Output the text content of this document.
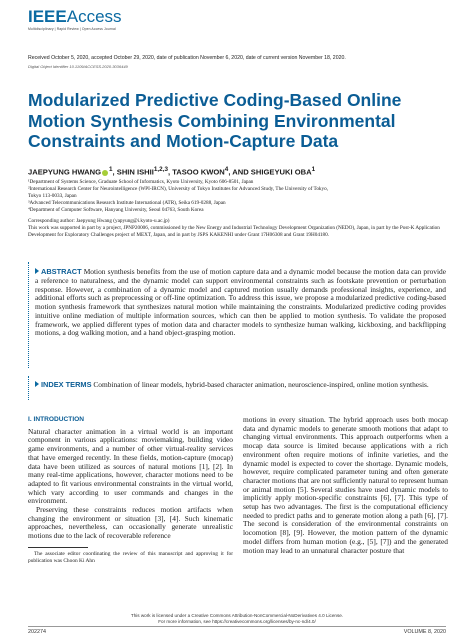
IEEEAccess
Multidisciplinary | Rapid Review | Open Access Journal
Received October 5, 2020, accepted October 29, 2020, date of publication November 6, 2020, date of current version November 18, 2020.
Digital Object Identifier 10.1109/ACCESS.2020.3036449
Modularized Predictive Coding-Based Online Motion Synthesis Combining Environmental Constraints and Motion-Capture Data
JAEPYUNG HWANG $^1$, SHIN ISHII$^{1,2,3}$, TASOO KWON$^4$, AND SHIGEYUKI OBA$^1$
¹Department of Systems Science, Graduate School of Informatics, Kyoto University, Kyoto 606-8501, Japan
²International Research Center for Neurointelligence (WPI-IRCN), University of Tokyo Institutes for Advanced Study, The University of Tokyo,
Tokyo 113-0033, Japan
³Advanced Telecommunications Research Institute International (ATR), Seika 619-0288, Japan
⁴Department of Computer Software, Hanyang University, Seoul 04763, South Korea
Corresponding author: Jaepyung Hwang (yapyung@i.kyoto-u.ac.jp)
This work was supported in part by a project, JPNP20006, commissioned by the New Energy and Industrial Technology Development Organization (NEDO), Japan, in part by the Post-K Application Development for Exploratory Challenges project of MEXT, Japan, and in part by JSPS KAKENHI under Grant 17H06308 and Grant 19H04180.
ABSTRACT Motion synthesis benefits from the use of motion capture data and a dynamic model because the motion data can provide a reference to naturalness, and the dynamic model can support environmental constraints such as footskate prevention or perturbation response. However, a combination of a dynamic model and captured motion usually demands professional insights, experience, and additional efforts such as preprocessing or off-line optimization. To address this issue, we propose a modularized predictive coding-based motion synthesis framework that synthesizes natural motion while maintaining the constraints. Modularized predictive coding provides intuitive online mediation of multiple information sources, which can then be applied to motion synthesis. To validate the proposed framework, we applied different types of motion data and character models to synthesize human walking, kickboxing, and backflipping motions, a dog walking motion, and a hand object-grasping motion.
INDEX TERMS Combination of linear models, hybrid-based character animation, neuroscience-inspired, online motion synthesis.
I. INTRODUCTION

Natural character animation in a virtual world is an important component in various applications: moviemaking, building video game environments, and a number of other virtual-reality services that have emerged recently. In these fields, motion-capture (mocap) data have been utilized as sources of natural motions [1], [2]. In many real-time applications, however, character motions need to be adapted to fit various environmental constraints in the virtual world, which vary according to user commands and changes in the environment.

Preserving these constraints reduces motion artifacts when changing the environment or situation [3], [4]. Such kinematic approaches, nevertheless, can occasionally generate unrealistic motions due to the lack of recoverable reference

The associate editor coordinating the review of this manuscript and approving it for publication was Choon Ki Ahn

motions in every situation. The hybrid approach uses both mocap data and dynamic models to generate smooth motions that adapt to changing virtual environments. This approach outperforms when a mocap data source is limited because applications with a rich environment often require motions of infinite varieties, and the dynamic model is expected to cover the shortage. Dynamic models, however, require complicated parameter tuning and often generate character motions that are not sufficiently natural to represent human or animal motion [5]. Several studies have used dynamic models to implicitly apply motion-specific constraints [6], [7]. This type of setup has two advantages. The first is the computational efficiency needed to predict paths and to generate motion along a path [6], [7]. The second is consideration of the environmental constraints on locomotion [8], [9]. However, the motion pattern of the dynamic model differs from human motion (e.g., [5], [7]) and the generated motion may lead to an unnatural character posture that

This work is licensed under a Creative Commons Attribution-NonCommercial-NoDerivatives 4.0 License.
For more information, see https://creativecommons.org/licenses/by-nc-nd/4.0/
202274	VOLUME 8, 2020
